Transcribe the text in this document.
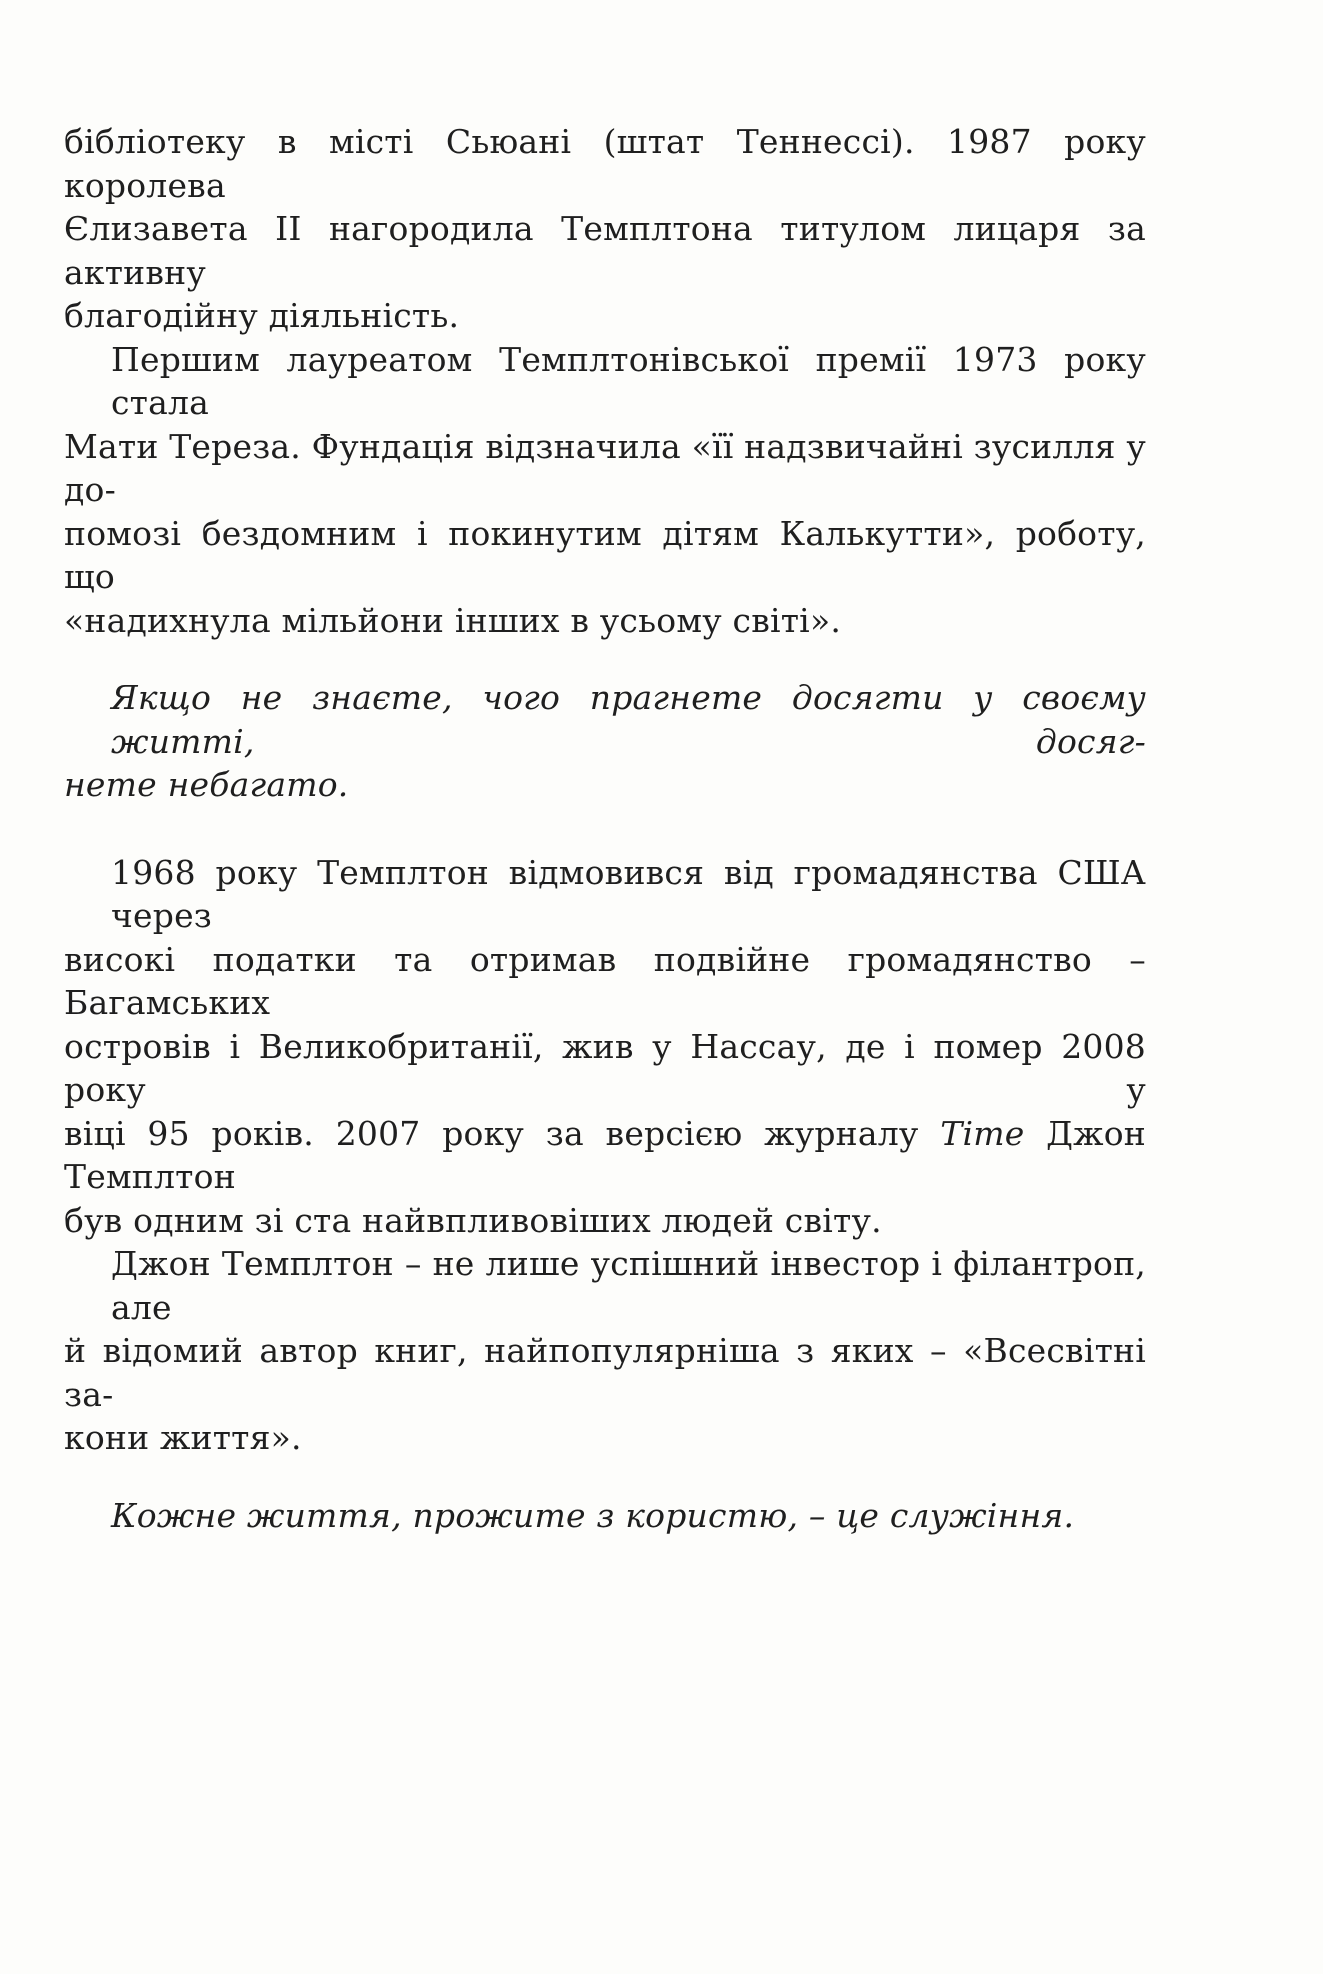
бібліотеку в місті Сьюані (штат Теннессі). 1987 року королева
Єлизавета II нагородила Темплтона титулом лицаря за активну
благодійну діяльність.
Першим лауреатом Темплтонівської премії 1973 року стала
Мати Тереза. Фундація відзначила «її надзвичайні зусилля у до-
помозі бездомним і покинутим дітям Калькутти», роботу, що
«надихнула мільйони інших в усьому світі».
Якщо не знаєте, чого прагнете досягти у своєму житті, досяг-
нете небагато.
1968 року Темплтон відмовився від громадянства США через
високі податки та отримав подвійне громадянство – Багамських
островів і Великобританії, жив у Нассау, де і помер 2008 року у
віці 95 років. 2007 року за версією журналу Time Джон Темплтон
був одним зі ста найвпливовіших людей світу.
Джон Темплтон – не лише успішний інвестор і філантроп, але
й відомий автор книг, найпопулярніша з яких – «Всесвітні за-
кони життя».
Кожне життя, прожите з користю, – це служіння.
